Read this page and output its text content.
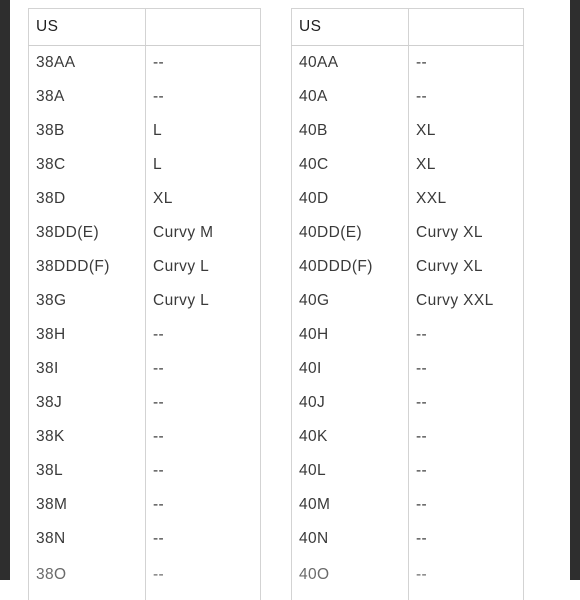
US	
38AA	--
38A	--
38B	L
38C	L
38D	XL
38DD(E)	Curvy M
38DDD(F)	Curvy L
38G	Curvy L
38H	--
38I	--
38J	--
38K	--
38L	--
38M	--
38N	--
38O	--
US	
40AA	--
40A	--
40B	XL
40C	XL
40D	XXL
40DD(E)	Curvy XL
40DDD(F)	Curvy XL
40G	Curvy XXL
40H	--
40I	--
40J	--
40K	--
40L	--
40M	--
40N	--
40O	--
